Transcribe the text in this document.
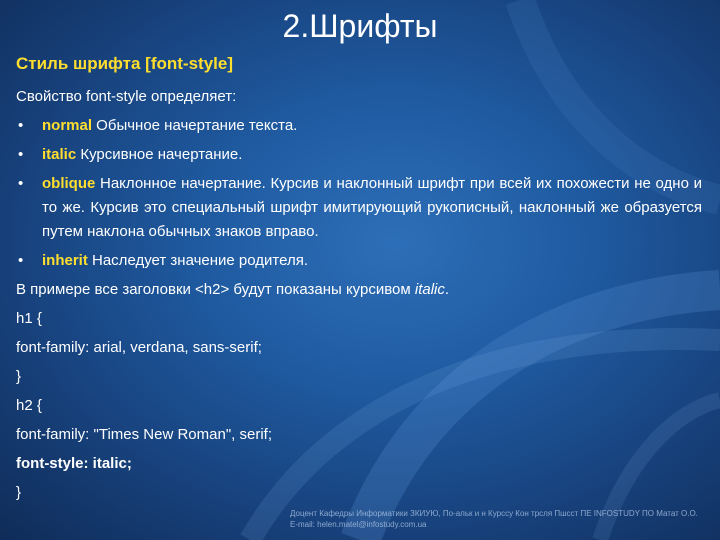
2.Шрифты
Стиль шрифта [font-style]
Свойство font-style определяет:
• normal Обычное начертание текста.
• italic Курсивное начертание.
• oblique Наклонное начертание. Курсив и наклонный шрифт при всей их похожести не одно и то же. Курсив это специальный шрифт имитирующий рукописный, наклонный же образуется путем наклона обычных знаков вправо.
• inherit Наследует значение родителя.
В примере все заголовки <h2> будут показаны курсивом italic.
h1 {
font-family: arial, verdana, sans-serif;
}
h2 {
font-family: "Times New Roman", serif;
font-style: italic;
}
Доцент Кафедры Информатики ЗКИУЮ, По-альк и н Курссу Кон трсля Пшсст ПЕ INFOSTUDY ПО Матат О.О.
E-mail: helen.matel@infostudy.com.ua
